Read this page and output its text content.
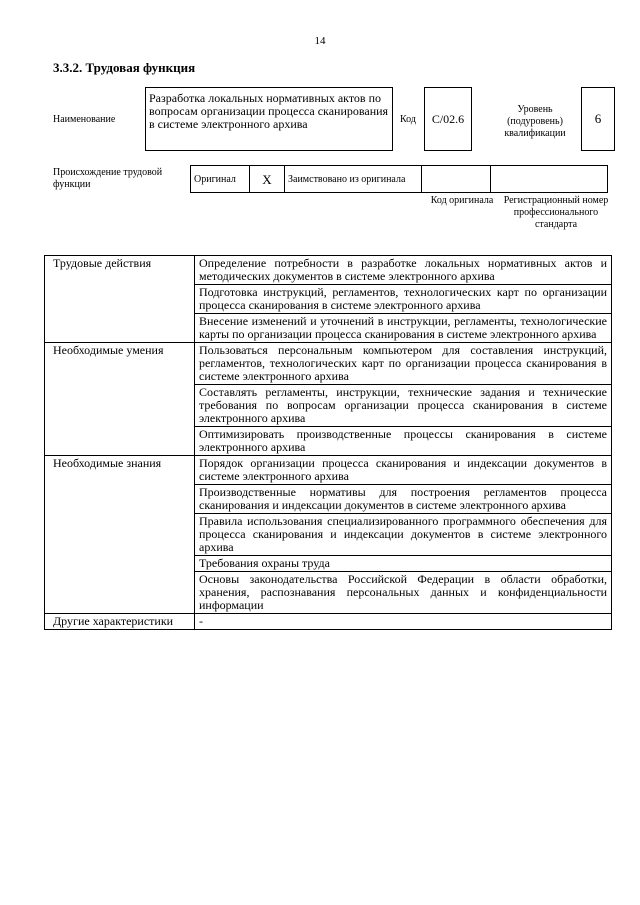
14
3.3.2. Трудовая функция
Наименование
Разработка локальных нормативных актов по вопросам организации процесса сканирования в системе электронного архива	Код	С/02.6
Уровень (подуровень) квалификации
6
Происхождение трудовой функции	Оригинал	Х	Заимствовано из оригинала		
Код оригинала	Регистрационный номер профессионального стандарта
Трудовые действия	Определение потребности в разработке локальных нормативных актов и методических документов в системе электронного архива
	Подготовка инструкций, регламентов, технологических карт по организации процесса сканирования в системе электронного архива
	Внесение изменений и уточнений в инструкции, регламенты, технологические карты по организации процесса сканирования в системе электронного архива
Необходимые умения	Пользоваться персональным компьютером для составления инструкций, регламентов, технологических карт по организации процесса сканирования в системе электронного архива
	Составлять регламенты, инструкции, технические задания и технические требования по вопросам организации процесса сканирования в системе электронного архива
	Оптимизировать производственные процессы сканирования в системе электронного архива
Необходимые знания	Порядок организации процесса сканирования и индексации документов в системе электронного архива
	Производственные нормативы для построения регламентов процесса сканирования и индексации документов в системе электронного архива
	Правила использования специализированного программного обеспечения для процесса сканирования и индексации документов в системе электронного архива
	Требования охраны труда
	Основы законодательства Российской Федерации в области обработки, хранения, распознавания персональных данных и конфиденциальности информации
Другие характеристики	-
